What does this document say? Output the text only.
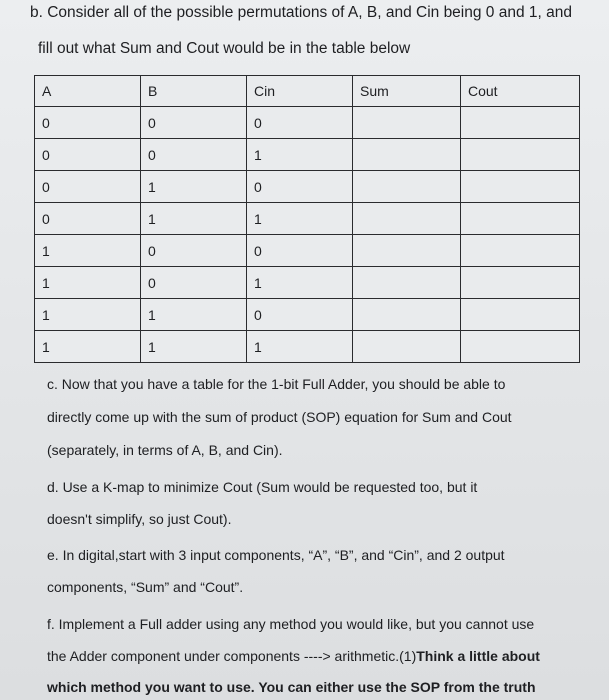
b. Consider all of the possible permutations of A, B, and Cin being 0 and 1, and

fill out what Sum and Cout would be in the table below

A	B	Cin	Sum	Cout
0	0	0		
0	0	1		
0	1	0		
0	1	1		
1	0	0		
1	0	1		
1	1	0		
1	1	1		

c. Now that you have a table for the 1-bit Full Adder, you should be able to

directly come up with the sum of product (SOP) equation for Sum and Cout

(separately, in terms of A, B, and Cin).

d. Use a K-map to minimize Cout (Sum would be requested too, but it

doesn't simplify, so just Cout).

e. In digital,start with 3 input components, “A”, “B”, and “Cin”, and 2 output

components, “Sum” and “Cout”.

f. Implement a Full adder using any method you would like, but you cannot use

the Adder component under components ----> arithmetic.(1)Think a little about

which method you want to use. You can either use the SOP from the truth
